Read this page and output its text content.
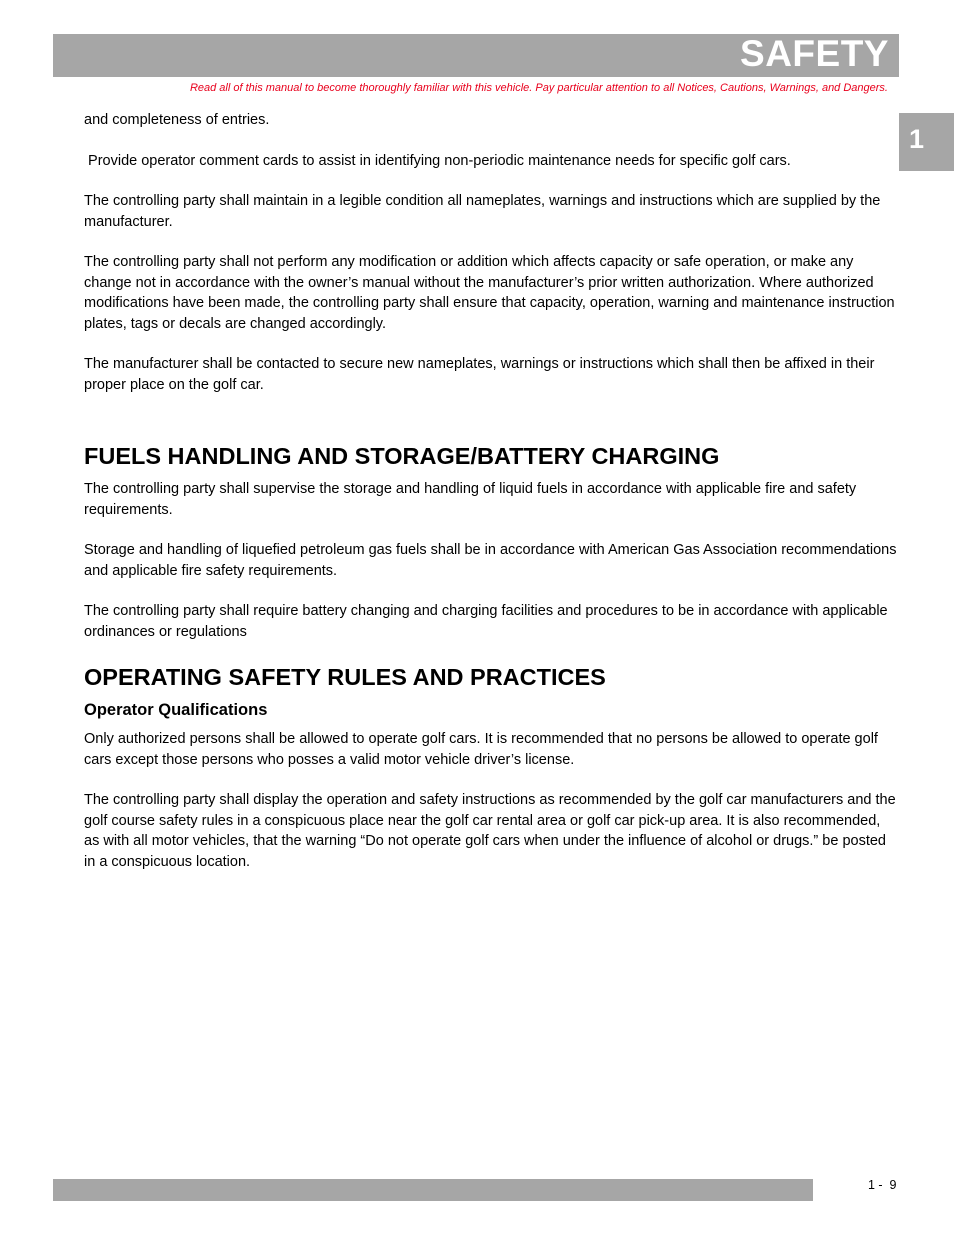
SAFETY
Read all of this manual to become thoroughly familiar with this vehicle. Pay particular attention to all Notices, Cautions, Warnings, and Dangers.
1

and completeness of entries.

Provide operator comment cards to assist in identifying non-periodic maintenance needs for specific golf cars.

The controlling party shall maintain in a legible condition all nameplates, warnings and instructions which are supplied by the manufacturer.

The controlling party shall not perform any modification or addition which affects capacity or safe operation, or make any change not in accordance with the owner’s manual without the manufacturer’s prior written authorization. Where authorized modifications have been made, the controlling party shall ensure that capacity, operation, warning and maintenance instruction plates, tags or decals are changed accordingly.

The manufacturer shall be contacted to secure new nameplates, warnings or instructions which shall then be affixed in their proper place on the golf car.

FUELS HANDLING AND STORAGE/BATTERY CHARGING

The controlling party shall supervise the storage and handling of liquid fuels in accordance with applicable fire and safety requirements.

Storage and handling of liquefied petroleum gas fuels shall be in accordance with American Gas Association recommendations and applicable fire safety requirements.

The controlling party shall require battery changing and charging facilities and procedures to be in accordance with applicable ordinances or regulations

OPERATING SAFETY RULES AND PRACTICES
Operator Qualifications

Only authorized persons shall be allowed to operate golf cars. It is recommended that no persons be allowed to operate golf cars except those persons who posses a valid motor vehicle driver’s license.

The controlling party shall display the operation and safety instructions as recommended by the golf car manufacturers and the golf course safety rules in a conspicuous place near the golf car rental area or golf car pick-up area. It is also recommended, as with all motor vehicles, that the warning “Do not operate golf cars when under the influence of alcohol or drugs.” be posted in a conspicuous location.

1 -  9
